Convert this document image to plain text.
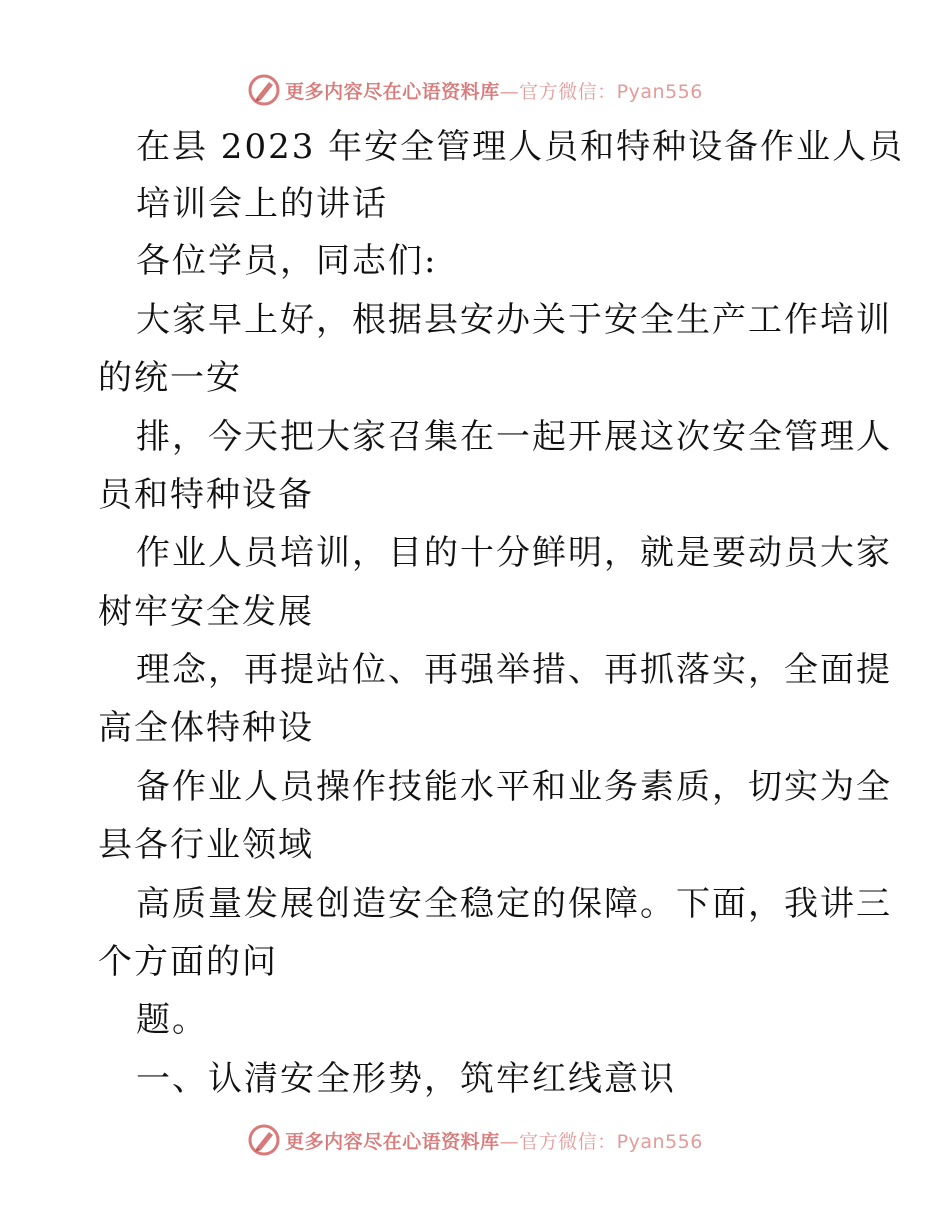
更多内容尽在心语资料库—官方微信：Pyan556
在县 2023 年安全管理人员和特种设备作业人员
培训会上的讲话
各位学员，同志们:
大家早上好，根据县安办关于安全生产工作培训
的统一安
排，今天把大家召集在一起开展这次安全管理人
员和特种设备
作业人员培训，目的十分鲜明，就是要动员大家
树牢安全发展
理念，再提站位、再强举措、再抓落实，全面提
高全体特种设
备作业人员操作技能水平和业务素质，切实为全
县各行业领域
高质量发展创造安全稳定的保障。下面，我讲三
个方面的问
题。
一、认清安全形势，筑牢红线意识
更多内容尽在心语资料库—官方微信：Pyan556
